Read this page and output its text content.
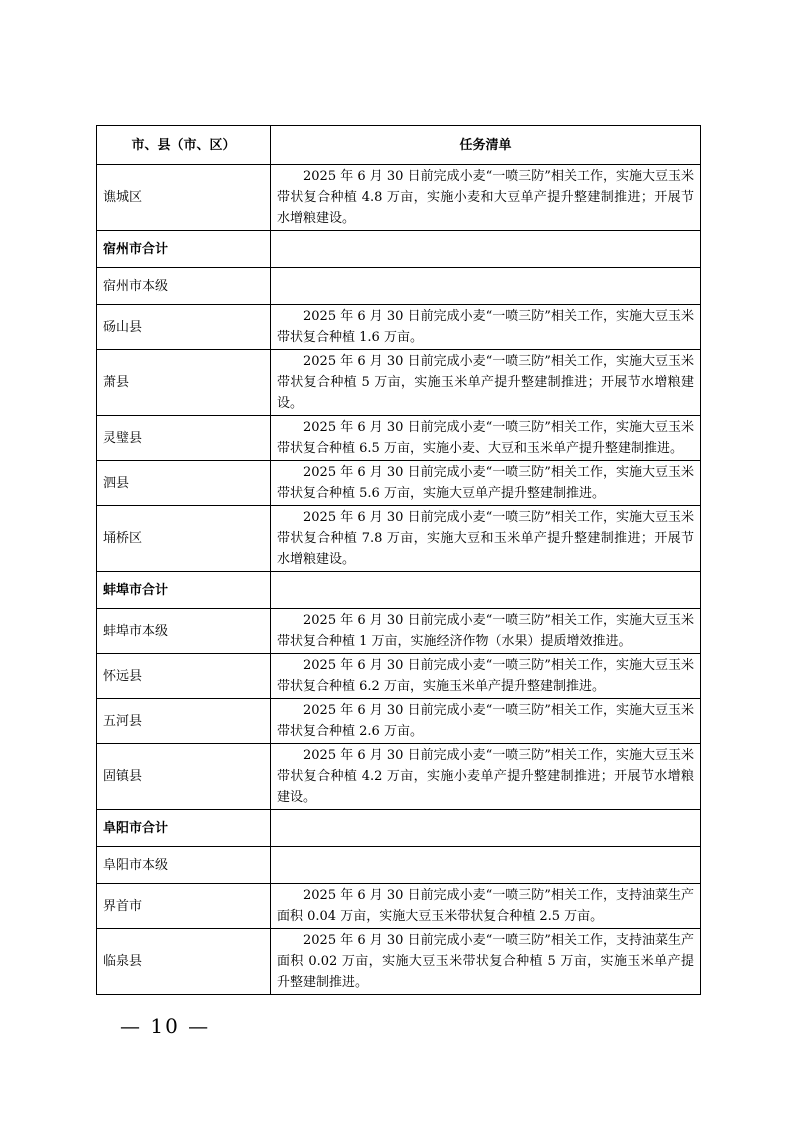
市、县（市、区）	任务清单
谯城区	2025 年 6 月 30 日前完成小麦“一喷三防”相关工作，实施大豆玉米带状复合种植 4.8 万亩，实施小麦和大豆单产提升整建制推进；开展节水增粮建设。
宿州市合计	
宿州市本级	
砀山县	2025 年 6 月 30 日前完成小麦“一喷三防”相关工作，实施大豆玉米带状复合种植 1.6 万亩。
萧县	2025 年 6 月 30 日前完成小麦“一喷三防”相关工作，实施大豆玉米带状复合种植 5 万亩，实施玉米单产提升整建制推进；开展节水增粮建设。
灵璧县	2025 年 6 月 30 日前完成小麦“一喷三防”相关工作，实施大豆玉米带状复合种植 6.5 万亩，实施小麦、大豆和玉米单产提升整建制推进。
泗县	2025 年 6 月 30 日前完成小麦“一喷三防”相关工作，实施大豆玉米带状复合种植 5.6 万亩，实施大豆单产提升整建制推进。
埇桥区	2025 年 6 月 30 日前完成小麦“一喷三防”相关工作，实施大豆玉米带状复合种植 7.8 万亩，实施大豆和玉米单产提升整建制推进；开展节水增粮建设。
蚌埠市合计	
蚌埠市本级	2025 年 6 月 30 日前完成小麦“一喷三防”相关工作，实施大豆玉米带状复合种植 1 万亩，实施经济作物（水果）提质增效推进。
怀远县	2025 年 6 月 30 日前完成小麦“一喷三防”相关工作，实施大豆玉米带状复合种植 6.2 万亩，实施玉米单产提升整建制推进。
五河县	2025 年 6 月 30 日前完成小麦“一喷三防”相关工作，实施大豆玉米带状复合种植 2.6 万亩。
固镇县	2025 年 6 月 30 日前完成小麦“一喷三防”相关工作，实施大豆玉米带状复合种植 4.2 万亩，实施小麦单产提升整建制推进；开展节水增粮建设。
阜阳市合计	
阜阳市本级	
界首市	2025 年 6 月 30 日前完成小麦“一喷三防”相关工作，支持油菜生产面积 0.04 万亩，实施大豆玉米带状复合种植 2.5 万亩。
临泉县	2025 年 6 月 30 日前完成小麦“一喷三防”相关工作，支持油菜生产面积 0.02 万亩，实施大豆玉米带状复合种植 5 万亩，实施玉米单产提升整建制推进。
— 10 —
